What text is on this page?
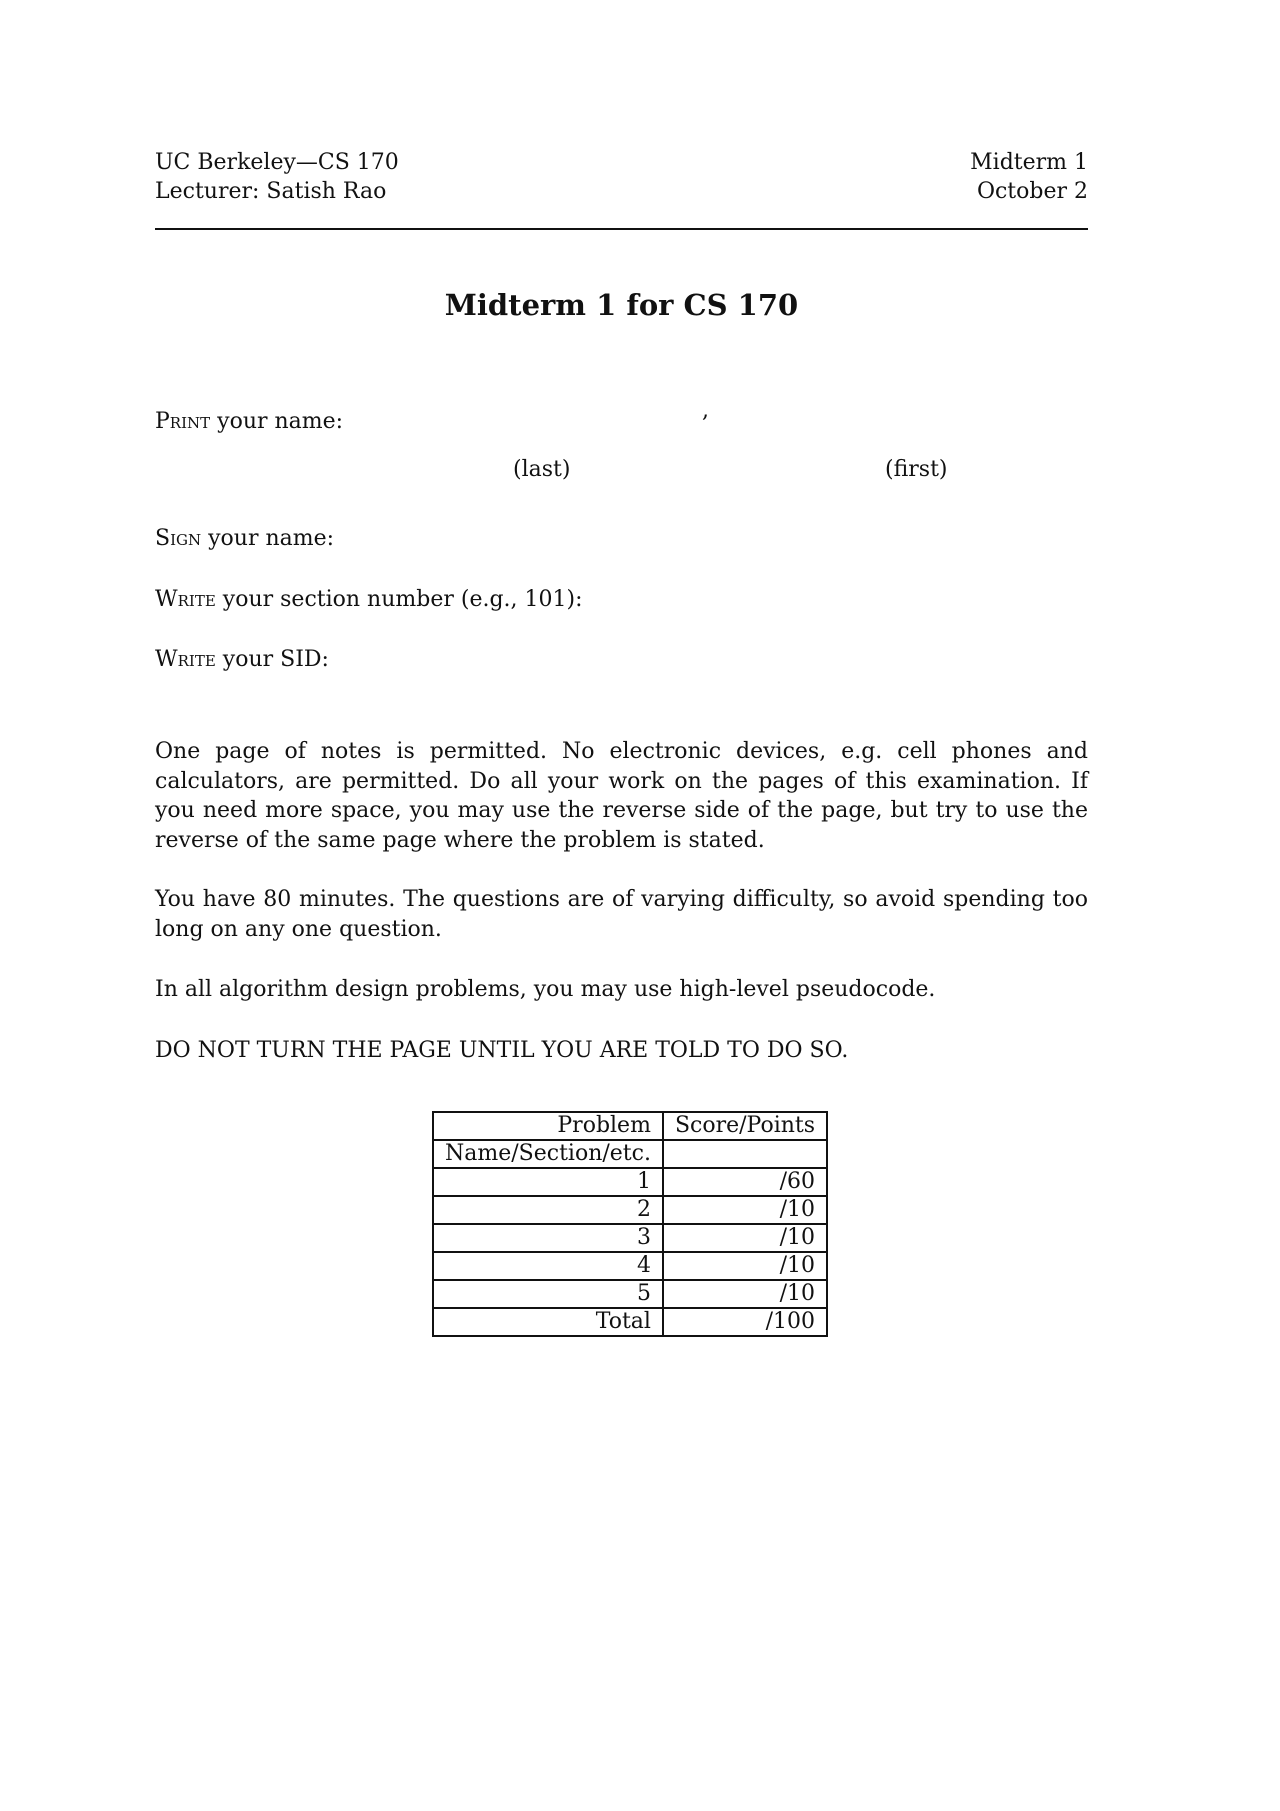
UC Berkeley—CS 170
Lecturer: Satish Rao
Midterm 1
October 2
Midterm 1 for CS 170
Print your name:	,
(last)	(first)
Sign your name:
Write your section number (e.g., 101):
Write your SID:
One page of notes is permitted. No electronic devices, e.g. cell phones and calculators, are permitted. Do all your work on the pages of this examination. If you need more space, you may use the reverse side of the page, but try to use the reverse of the same page where the problem is stated.
You have 80 minutes. The questions are of varying difficulty, so avoid spending too long on any one question.
In all algorithm design problems, you may use high-level pseudocode.
DO NOT TURN THE PAGE UNTIL YOU ARE TOLD TO DO SO.
Problem	Score/Points
Name/Section/etc.	
1	/60
2	/10
3	/10
4	/10
5	/10
Total	/100
